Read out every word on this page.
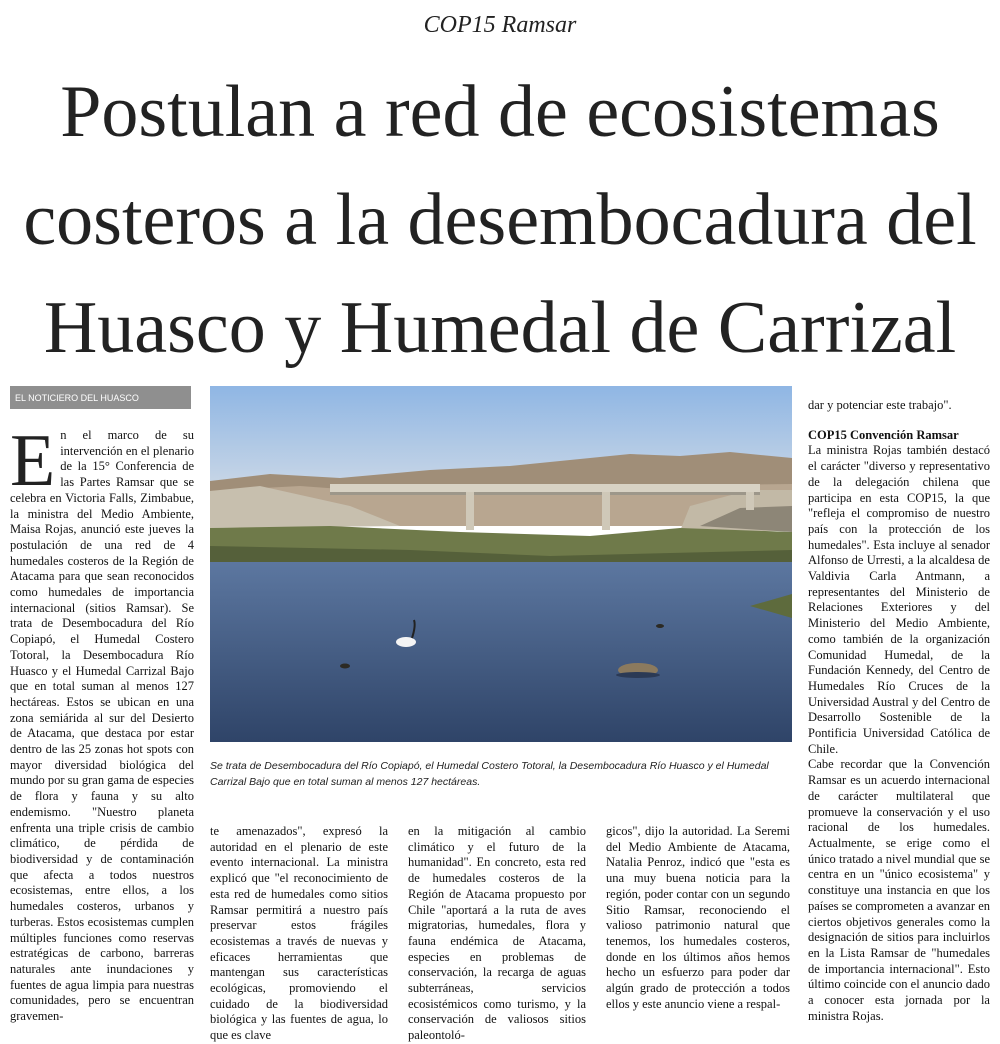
COP15 Ramsar
Postulan a red de ecosistemas costeros a la desembocadura del Huasco y Humedal de Carrizal
EL NOTICIERO DEL HUASCO
E n el marco de su intervención en el plenario de la 15° Conferencia de las Partes Ramsar que se celebra en Victoria Falls, Zimbabue, la ministra del Medio Ambiente, Maisa Rojas, anunció este jueves la postulación de una red de 4 humedales costeros de la Región de Atacama para que sean reconocidos como humedales de importancia internacional (sitios Ramsar). Se trata de Desembocadura del Río Copiapó, el Humedal Costero Totoral, la Desembocadura Río Huasco y el Humedal Carrizal Bajo que en total suman al menos 127 hectáreas. Estos se ubican en una zona semiárida al sur del Desierto de Atacama, que destaca por estar dentro de las 25 zonas hot spots con mayor diversidad biológica del mundo por su gran gama de especies de flora y fauna y su alto endemismo. "Nuestro planeta enfrenta una triple crisis de cambio climático, de pérdida de biodiversidad y de contaminación que afecta a todos nuestros ecosistemas, entre ellos, a los humedales costeros, urbanos y turberas. Estos ecosistemas cumplen múltiples funciones como reservas estratégicas de carbono, barreras naturales ante inundaciones y fuentes de agua limpia para nuestras comunidades, pero se encuentran gravemen-
Se trata de Desembocadura del Río Copiapó, el Humedal Costero Totoral, la Desembocadura Río Huasco y el Humedal Carrizal Bajo que en total suman al menos 127 hectáreas.
te amenazados", expresó la autoridad en el plenario de este evento internacional. La ministra explicó que "el reconocimiento de esta red de humedales como sitios Ramsar permitirá a nuestro país preservar estos frágiles ecosistemas a través de nuevas y eficaces herramientas que mantengan sus características ecológicas, promoviendo el cuidado de la biodiversidad biológica y las fuentes de agua, lo que es clave
en la mitigación al cambio climático y el futuro de la humanidad". En concreto, esta red de humedales costeros de la Región de Atacama propuesto por Chile "aportará a la ruta de aves migratorias, humedales, flora y fauna endémica de Atacama, especies en problemas de conservación, la recarga de aguas subterráneas, servicios ecosistémicos como turismo, y la conservación de valiosos sitios paleontoló-
gicos", dijo la autoridad. La Seremi del Medio Ambiente de Atacama, Natalia Penroz, indicó que "esta es una muy buena noticia para la región, poder contar con un segundo Sitio Ramsar, reconociendo el valioso patrimonio natural que tenemos, los humedales costeros, donde en los últimos años hemos hecho un esfuerzo para poder dar algún grado de protección a todos ellos y este anuncio viene a respal-

dar y potenciar este trabajo".

COP15 Convención Ramsar

La ministra Rojas también destacó el carácter "diverso y representativo de la delegación chilena que participa en esta COP15, la que "refleja el compromiso de nuestro país con la protección de los humedales". Esta incluye al senador Alfonso de Urresti, a la alcaldesa de Valdivia Carla Antmann, a representantes del Ministerio de Relaciones Exteriores y del Ministerio del Medio Ambiente, como también de la organización Comunidad Humedal, de la Fundación Kennedy, del Centro de Humedales Río Cruces de la Universidad Austral y del Centro de Desarrollo Sostenible de la Pontificia Universidad Católica de Chile.

Cabe recordar que la Convención Ramsar es un acuerdo internacional de carácter multilateral que promueve la conservación y el uso racional de los humedales. Actualmente, se erige como el único tratado a nivel mundial que se centra en un "único ecosistema" y constituye una instancia en que los países se comprometen a avanzar en ciertos objetivos generales como la designación de sitios para incluirlos en la Lista Ramsar de "humedales de importancia internacional". Esto último coincide con el anuncio dado a conocer esta jornada por la ministra Rojas.
